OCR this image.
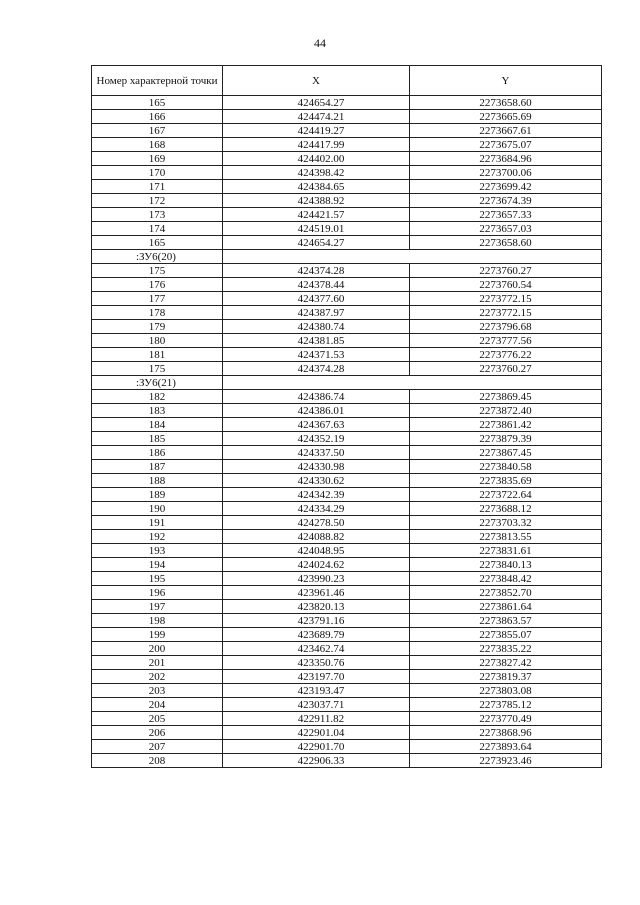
44
Номер характерной точки	X	Y
165	424654.27	2273658.60
166	424474.21	2273665.69
167	424419.27	2273667.61
168	424417.99	2273675.07
169	424402.00	2273684.96
170	424398.42	2273700.06
171	424384.65	2273699.42
172	424388.92	2273674.39
173	424421.57	2273657.33
174	424519.01	2273657.03
165	424654.27	2273658.60
:ЗУ6(20)		
175	424374.28	2273760.27
176	424378.44	2273760.54
177	424377.60	2273772.15
178	424387.97	2273772.15
179	424380.74	2273796.68
180	424381.85	2273777.56
181	424371.53	2273776.22
175	424374.28	2273760.27
:ЗУ6(21)		
182	424386.74	2273869.45
183	424386.01	2273872.40
184	424367.63	2273861.42
185	424352.19	2273879.39
186	424337.50	2273867.45
187	424330.98	2273840.58
188	424330.62	2273835.69
189	424342.39	2273722.64
190	424334.29	2273688.12
191	424278.50	2273703.32
192	424088.82	2273813.55
193	424048.95	2273831.61
194	424024.62	2273840.13
195	423990.23	2273848.42
196	423961.46	2273852.70
197	423820.13	2273861.64
198	423791.16	2273863.57
199	423689.79	2273855.07
200	423462.74	2273835.22
201	423350.76	2273827.42
202	423197.70	2273819.37
203	423193.47	2273803.08
204	423037.71	2273785.12
205	422911.82	2273770.49
206	422901.04	2273868.96
207	422901.70	2273893.64
208	422906.33	2273923.46
